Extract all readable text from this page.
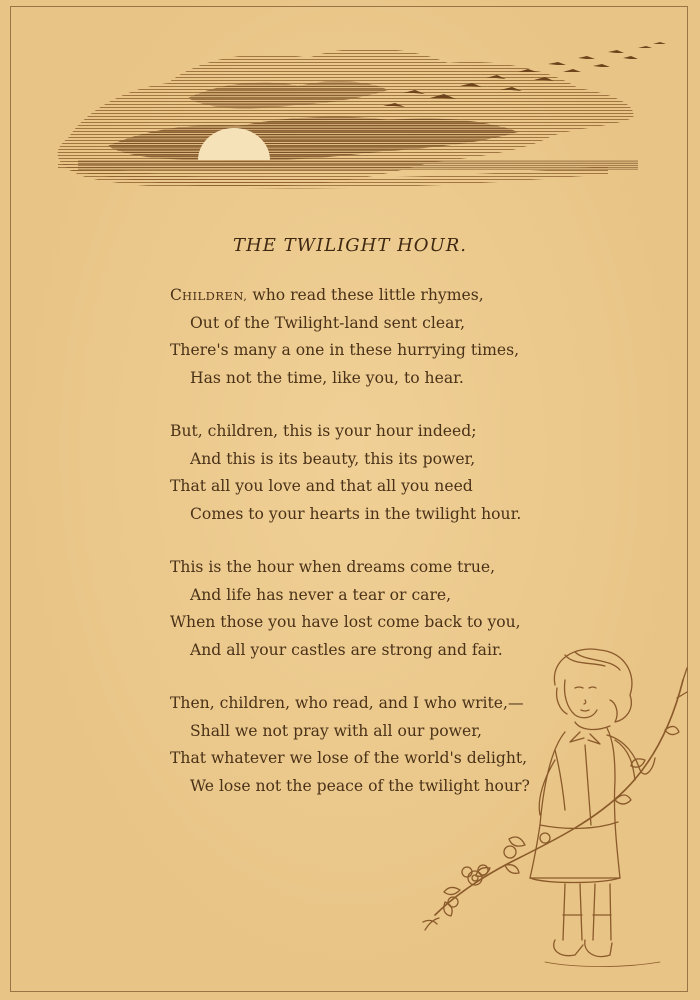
THE TWILIGHT HOUR.
CHILDREN, who read these little rhymes,
Out of the Twilight-land sent clear,
There's many a one in these hurrying times,
Has not the time, like you, to hear.
But, children, this is your hour indeed;
And this is its beauty, this its power,
That all you love and that all you need
Comes to your hearts in the twilight hour.
This is the hour when dreams come true,
And life has never a tear or care,
When those you have lost come back to you,
And all your castles are strong and fair.
Then, children, who read, and I who write,—
Shall we not pray with all our power,
That whatever we lose of the world's delight,
We lose not the peace of the twilight hour?
